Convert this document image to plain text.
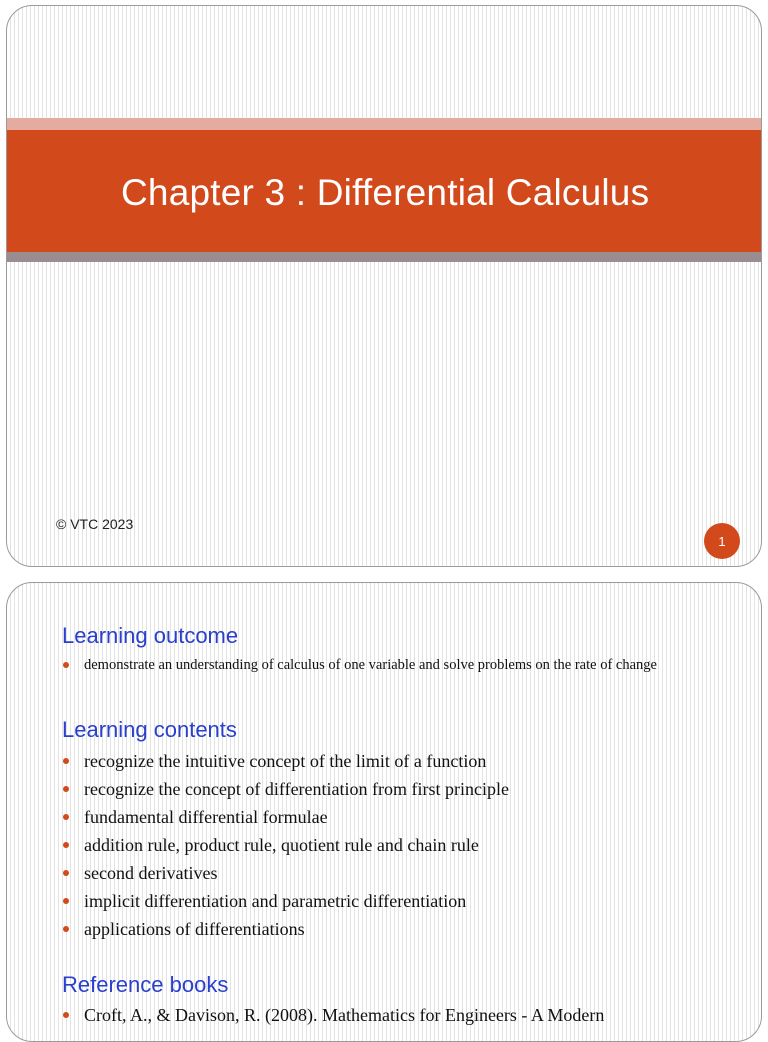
Chapter 3 : Differential Calculus
© VTC 2023
1
Learning outcome
demonstrate an understanding of calculus of one variable and solve problems on the rate of change
Learning contents
recognize the intuitive concept of the limit of a function
recognize the concept of differentiation from first principle
fundamental differential formulae
addition rule, product rule, quotient rule and chain rule
second derivatives
implicit differentiation and parametric differentiation
applications of differentiations
Reference books
Croft, A., & Davison, R. (2008). Mathematics for Engineers - A Modern
